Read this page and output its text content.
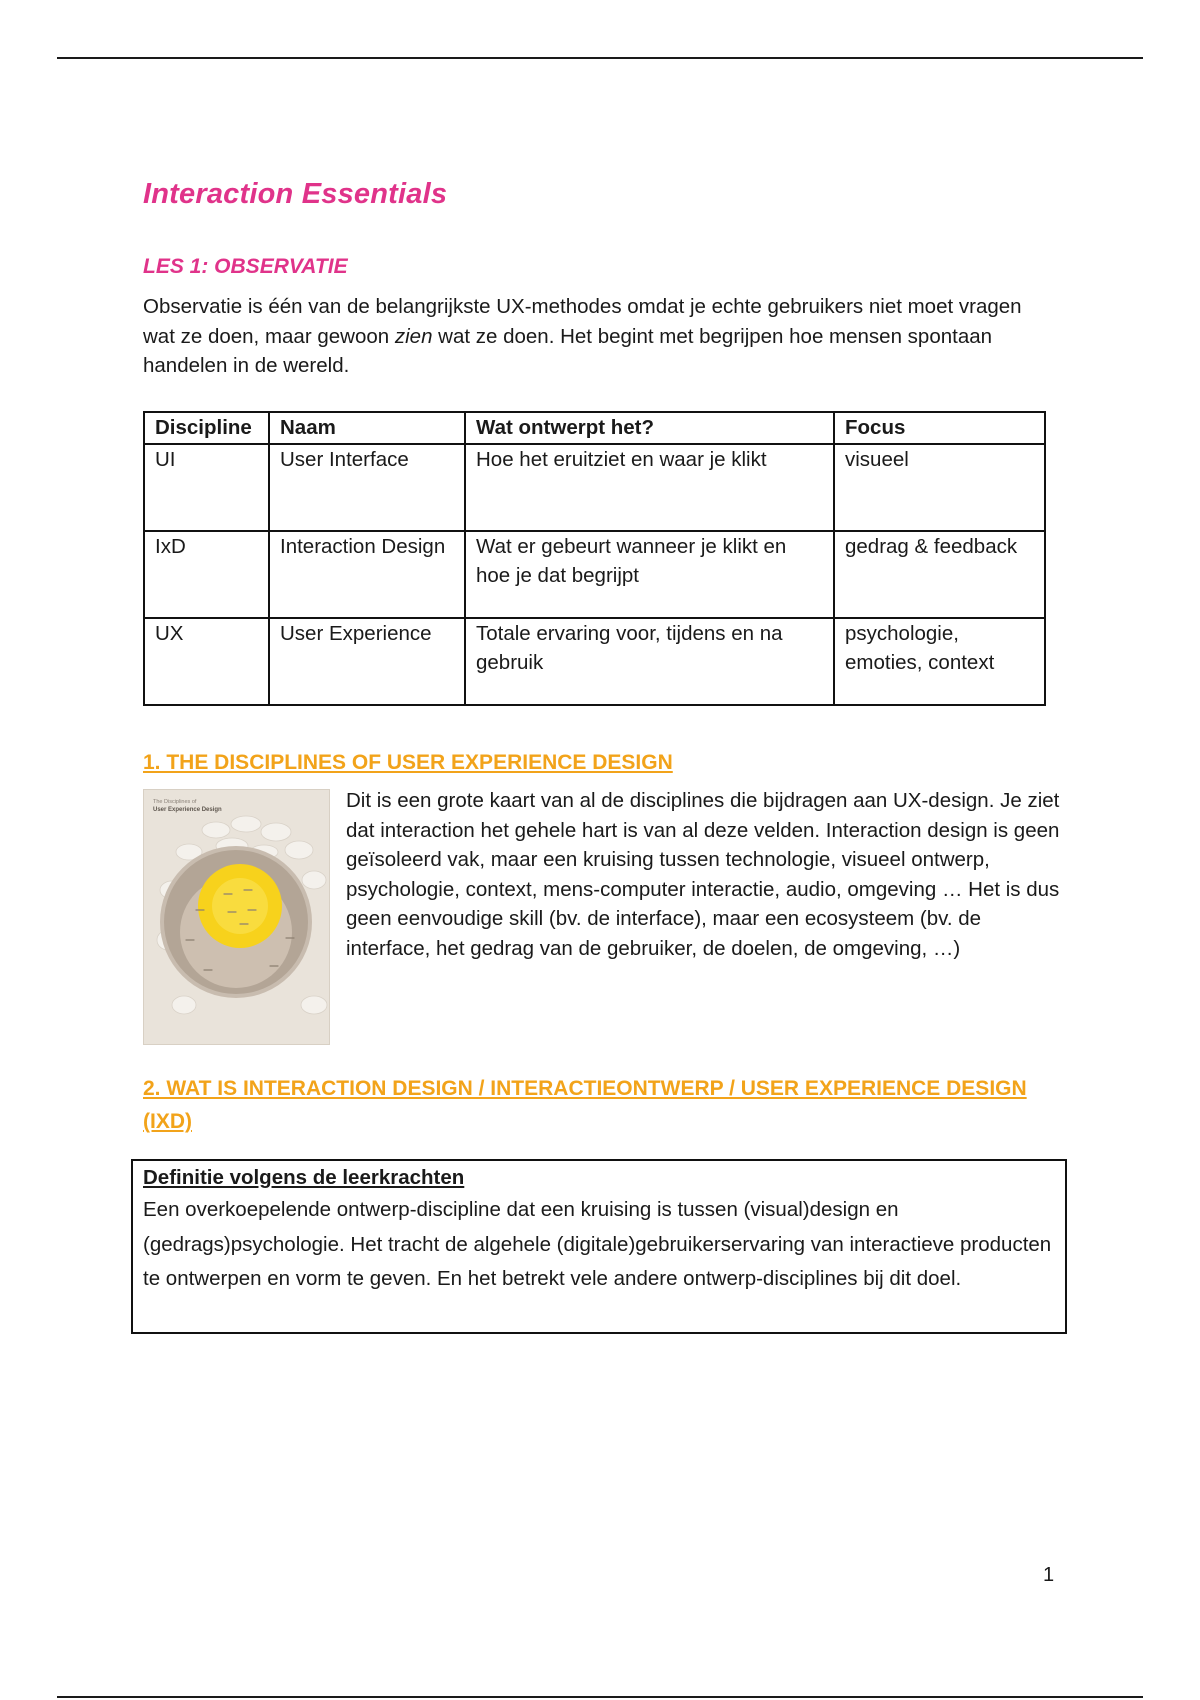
Interaction Essentials
LES 1: OBSERVATIE

Observatie is één van de belangrijkste UX-methodes omdat je echte gebruikers niet moet vragen wat ze doen, maar gewoon zien wat ze doen. Het begint met begrijpen hoe mensen spontaan handelen in de wereld.

Discipline	Naam	Wat ontwerpt het?	Focus
UI	User Interface	Hoe het eruitziet en waar je klikt	visueel
IxD	Interaction Design	Wat er gebeurt wanneer je klikt en hoe je dat begrijpt	gedrag & feedback
UX	User Experience	Totale ervaring voor, tijdens en na gebruik	psychologie, emoties, context
1. THE DISCIPLINES OF USER EXPERIENCE DESIGN
The Disciplines of
User Experience Design	Dit is een grote kaart van al de disciplines die bijdragen aan UX-design. Je ziet dat interaction het gehele hart is van al deze velden. Interaction design is geen geïsoleerd vak, maar een kruising tussen technologie, visueel ontwerp, psychologie, context, mens-computer interactie, audio, omgeving … Het is dus geen eenvoudige skill (bv. de interface), maar een ecosysteem (bv. de interface, het gedrag van de gebruiker, de doelen, de omgeving, …)

2. WAT IS INTERACTION DESIGN / INTERACTIEONTWERP / USER EXPERIENCE DESIGN (IXD)

Definitie volgens de leerkrachten

Een overkoepelende ontwerp-discipline dat een kruising is tussen (visual)design en (gedrags)psychologie. Het tracht de algehele (digitale)gebruikerservaring van interactieve producten te ontwerpen en vorm te geven. En het betrekt vele andere ontwerp-disciplines bij dit doel.

1
